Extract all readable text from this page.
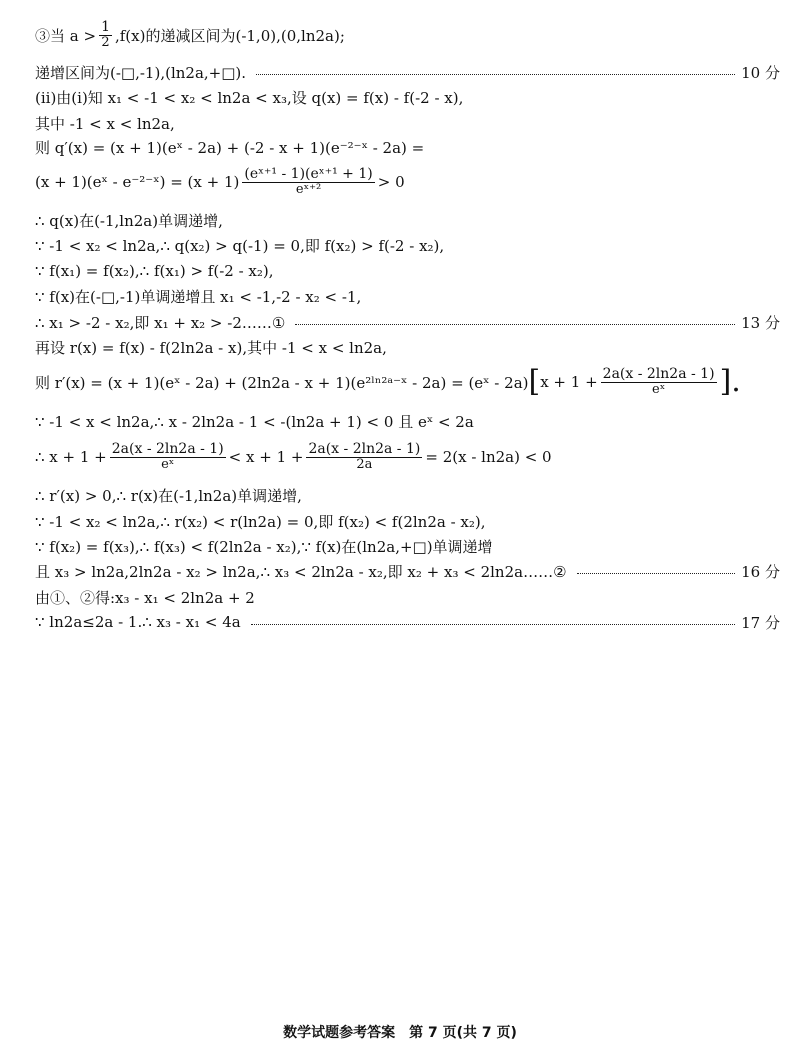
③当 $a > \frac{1}{2} ,f(x)$的递减区间为(-1,0),(0,ln2a);
递增区间为(-□,-1),(ln2a,+□).	10 分
(ⅱ)由(ⅰ)知 x₁ < -1 < x₂ < ln2a < x₃,设 q(x) = f(x) - f(-2 - x),
其中 -1 < x < ln2a,
则 q′(x) = (x + 1)(eˣ - 2a) + (-2 - x + 1)(e⁻²⁻ˣ - 2a) =
(x + 1)(eˣ - e⁻²⁻ˣ) = $(x + 1) \frac{\text{(eˣ⁺¹ - 1)(eˣ⁺¹ + 1)}}{\text{eˣ⁺²}} > 0$
∴ q(x)在(-1,ln2a)单调递增,
∵ -1 < x₂ < ln2a,∴ q(x₂) > q(-1) = 0,即 f(x₂) > f(-2 - x₂),
∵ f(x₁) = f(x₂),∴ f(x₁) > f(-2 - x₂),
∵ f(x)在(-□,-1)单调递增且 x₁ < -1,-2 - x₂ < -1,
∴ x₁ > -2 - x₂,即 x₁ + x₂ > -2……①	13 分
再设 r(x) = f(x) - f(2ln2a - x),其中 -1 < x < ln2a,
则 r′(x) = (x + 1)(eˣ - 2a) + (2ln2a - x + 1)(e²ˡⁿ²ᵃ⁻ˣ - 2a) = (eˣ - 2a) [ $x + 1 + \frac{2a(x - 2\ln 2a - 1)}{\text{eˣ}}$ ].
∵ -1 < x < ln2a,∴ x - 2ln2a - 1 < -(ln2a + 1) < 0 且 eˣ < 2a
∴ $x + 1 + \frac{2a(x - 2\ln 2a - 1)}{\text{eˣ}} < x + 1 + \frac{2a(x - 2\ln 2a - 1)}{2a} = 2(x - \ln 2a) < 0$
∴ r′(x) > 0,∴ r(x)在(-1,ln2a)单调递增,
∵ -1 < x₂ < ln2a,∴ r(x₂) < r(ln2a) = 0,即 f(x₂) < f(2ln2a - x₂),
∵ f(x₂) = f(x₃),∴ f(x₃) < f(2ln2a - x₂),∵ f(x)在(ln2a,+□)单调递增
且 x₃ > ln2a,2ln2a - x₂ > ln2a,∴ x₃ < 2ln2a - x₂,即 x₂ + x₃ < 2ln2a……②	16 分
由①、②得:x₃ - x₁ < 2ln2a + 2
∵ ln2a≤2a - 1.∴ x₃ - x₁ < 4a	17 分
数学试题参考答案　第 7 页(共 7 页)
